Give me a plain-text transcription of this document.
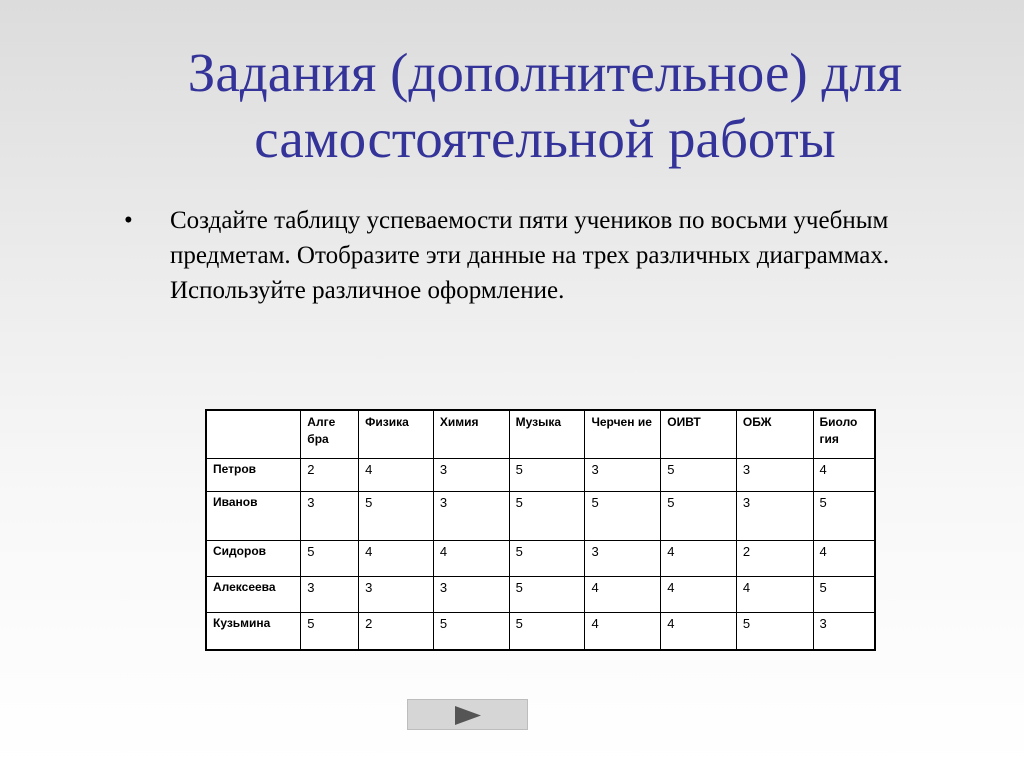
Задания (дополнительное) для самостоятельной работы
• Создайте таблицу успеваемости пяти учеников по восьми учебным предметам. Отобразите эти данные на трех различных диаграммах. Используйте различное оформление.
	Алге бра	Физика	Химия	Музыка	Черчен ие	ОИВТ	ОБЖ	Биоло гия
Петров	2	4	3	5	3	5	3	4
Иванов	3	5	3	5	5	5	3	5
Сидоров	5	4	4	5	3	4	2	4
Алексеева	3	3	3	5	4	4	4	5
Кузьмина	5	2	5	5	4	4	5	3
